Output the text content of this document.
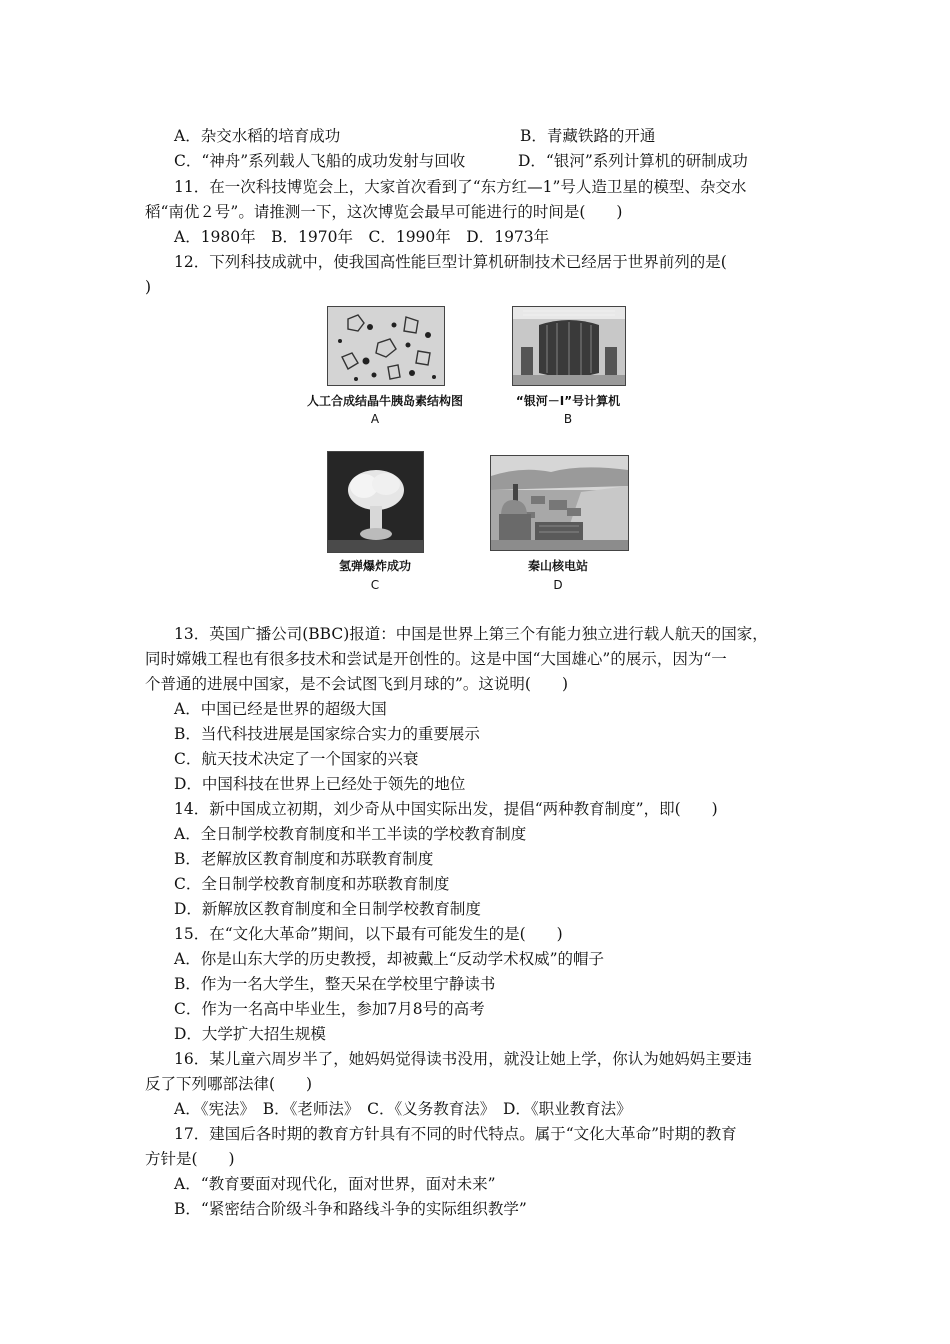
A．杂交水稻的培育成功	B．青藏铁路的开通
C．“神舟”系列载人飞船的成功发射与回收	D．“银河”系列计算机的研制成功
11．在一次科技博览会上，大家首次看到了“东方红—1”号人造卫星的模型、杂交水
稻“南优２号”。请推测一下，这次博览会最早可能进行的时间是(　　)
A．1980年　B．1970年　C．1990年　D．1973年
12．下列科技成就中，使我国高性能巨型计算机研制技术已经居于世界前列的是(
)
人工合成结晶牛胰岛素结构图
A
“银河－Ⅰ”号计算机
B
氢弹爆炸成功
C
秦山核电站
D
13．英国广播公司(BBC)报道：中国是世界上第三个有能力独立进行载人航天的国家，
同时嫦娥工程也有很多技术和尝试是开创性的。这是中国“大国雄心”的展示，因为“一
个普通的进展中国家，是不会试图飞到月球的”。这说明(　　)
A．中国已经是世界的超级大国
B．当代科技进展是国家综合实力的重要展示
C．航天技术决定了一个国家的兴衰
D．中国科技在世界上已经处于领先的地位
14．新中国成立初期，刘少奇从中国实际出发，提倡“两种教育制度”，即(　　)
A．全日制学校教育制度和半工半读的学校教育制度
B．老解放区教育制度和苏联教育制度
C．全日制学校教育制度和苏联教育制度
D．新解放区教育制度和全日制学校教育制度
15．在“文化大革命”期间，以下最有可能发生的是(　　)
A．你是山东大学的历史教授，却被戴上“反动学术权威”的帽子
B．作为一名大学生，整天呆在学校里宁静读书
C．作为一名高中毕业生，参加7月8号的高考
D．大学扩大招生规模
16．某儿童六周岁半了，她妈妈觉得读书没用，就没让她上学，你认为她妈妈主要违
反了下列哪部法律(　　)
A．《宪法》　B．《老师法》　C．《义务教育法》　D．《职业教育法》
17．建国后各时期的教育方针具有不同的时代特点。属于“文化大革命”时期的教育
方针是(　　)
A．“教育要面对现代化，面对世界，面对未来”
B．“紧密结合阶级斗争和路线斗争的实际组织教学”
